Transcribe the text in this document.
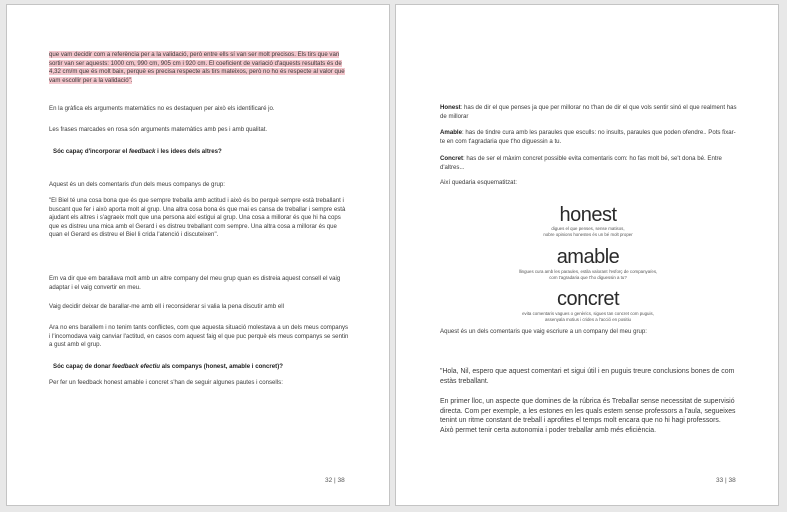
que vam decidir com a referència per a la validació, però entre ells sí van ser molt precisos. Els tirs que van sortir van ser aquests: 1000 cm, 990 cm, 905 cm i 920 cm. El coeficient de variació d'aquests resultats és de 4,32 cm/m que és molt baix, perquè es precisa respecte als tirs mateixos, però no ho és respecte al valor que vam escollir per a la validació".

En la gràfica els arguments matemàtics no es destaquen per això els identificaré jo.

Les frases marcades en rosa són arguments matemàtics amb pes i amb qualitat.

Sóc capaç d'incorporar el feedback i les idees dels altres?

Aquest és un dels comentaris d'un dels meus companys de grup:

"El Biel té una cosa bona que és que sempre treballa amb actitud i això és bo perquè sempre està treballant i buscant que fer i això aporta molt al grup. Una altra cosa bona és que mai es cansa de treballar i sempre està ajudant els altres i s'agraeix molt que una persona així estigui al grup. Una cosa a millorar és que hi ha cops que es distreu una mica amb el Gerard i es distreu treballant com sempre. Una altra cosa a millorar és que quan el Gerard es distreu el Biel li crida l'atenció i discuteixen".

Em va dir que em barallava molt amb un altre company del meu grup quan es distreia aquest consell el vaig adaptar i el vaig convertir en meu.

Vaig decidir deixar de barallar-me amb ell i reconsiderar si valia la pena discutir amb ell

Ara no ens barallem i no tenim tants conflictes, com que aquesta situació molestava a un dels meus companys i l'incomodava vaig canviar l'actitud, en casos com aquest faig el que puc perquè els meus companys se sentin a gust amb el grup.

Sóc capaç de donar feedback efectiu als companys (honest, amable i concret)?

Per fer un feedback honest amable i concret s'han de seguir algunes pautes i consells:

32 | 38

Honest: has de dir el que penses ja que per millorar no t'han de dir el que vols sentir sinó el que realment has de millorar

Amable: has de tindre cura amb les paraules que esculls: no insults, paraules que poden ofendre.. Pots fixar-te en com t'agradaria que t'ho diguessin a tu.

Concret: has de ser el màxim concret possible evita comentaris com: ho fas molt bé, se't dona bé. Entre d'altres...

Així quedaria esquematitzat:

honest

digues el que penses, sense matisos,
nobre opinions honestes és un bé molt proper

amable

llingues cura amb les paraules, estila valorant l'esforç de companya/es,
com t'agradaria que t'ho diguessin a tu?

concret

evita comentaris vagues o genèrics, sigues tan concret com puguis,
assenyala motius i crides a l'acció en positiu

Aquest és un dels comentaris que vaig escriure a un company del meu grup:

"Hola, Nil, espero que aquest comentari et sigui útil i en puguis treure conclusions bones de com estàs treballant.

En primer lloc, un aspecte que domines de la rúbrica és Treballar sense necessitat de supervisió directa. Com per exemple, a les estones en les quals estem sense professors a l'aula, segueixes tenint un ritme constant de treball i aprofites el temps molt encara que no hi hagi professors.
Això permet tenir certa autonomia i poder treballar amb més eficiència.

33 | 38
